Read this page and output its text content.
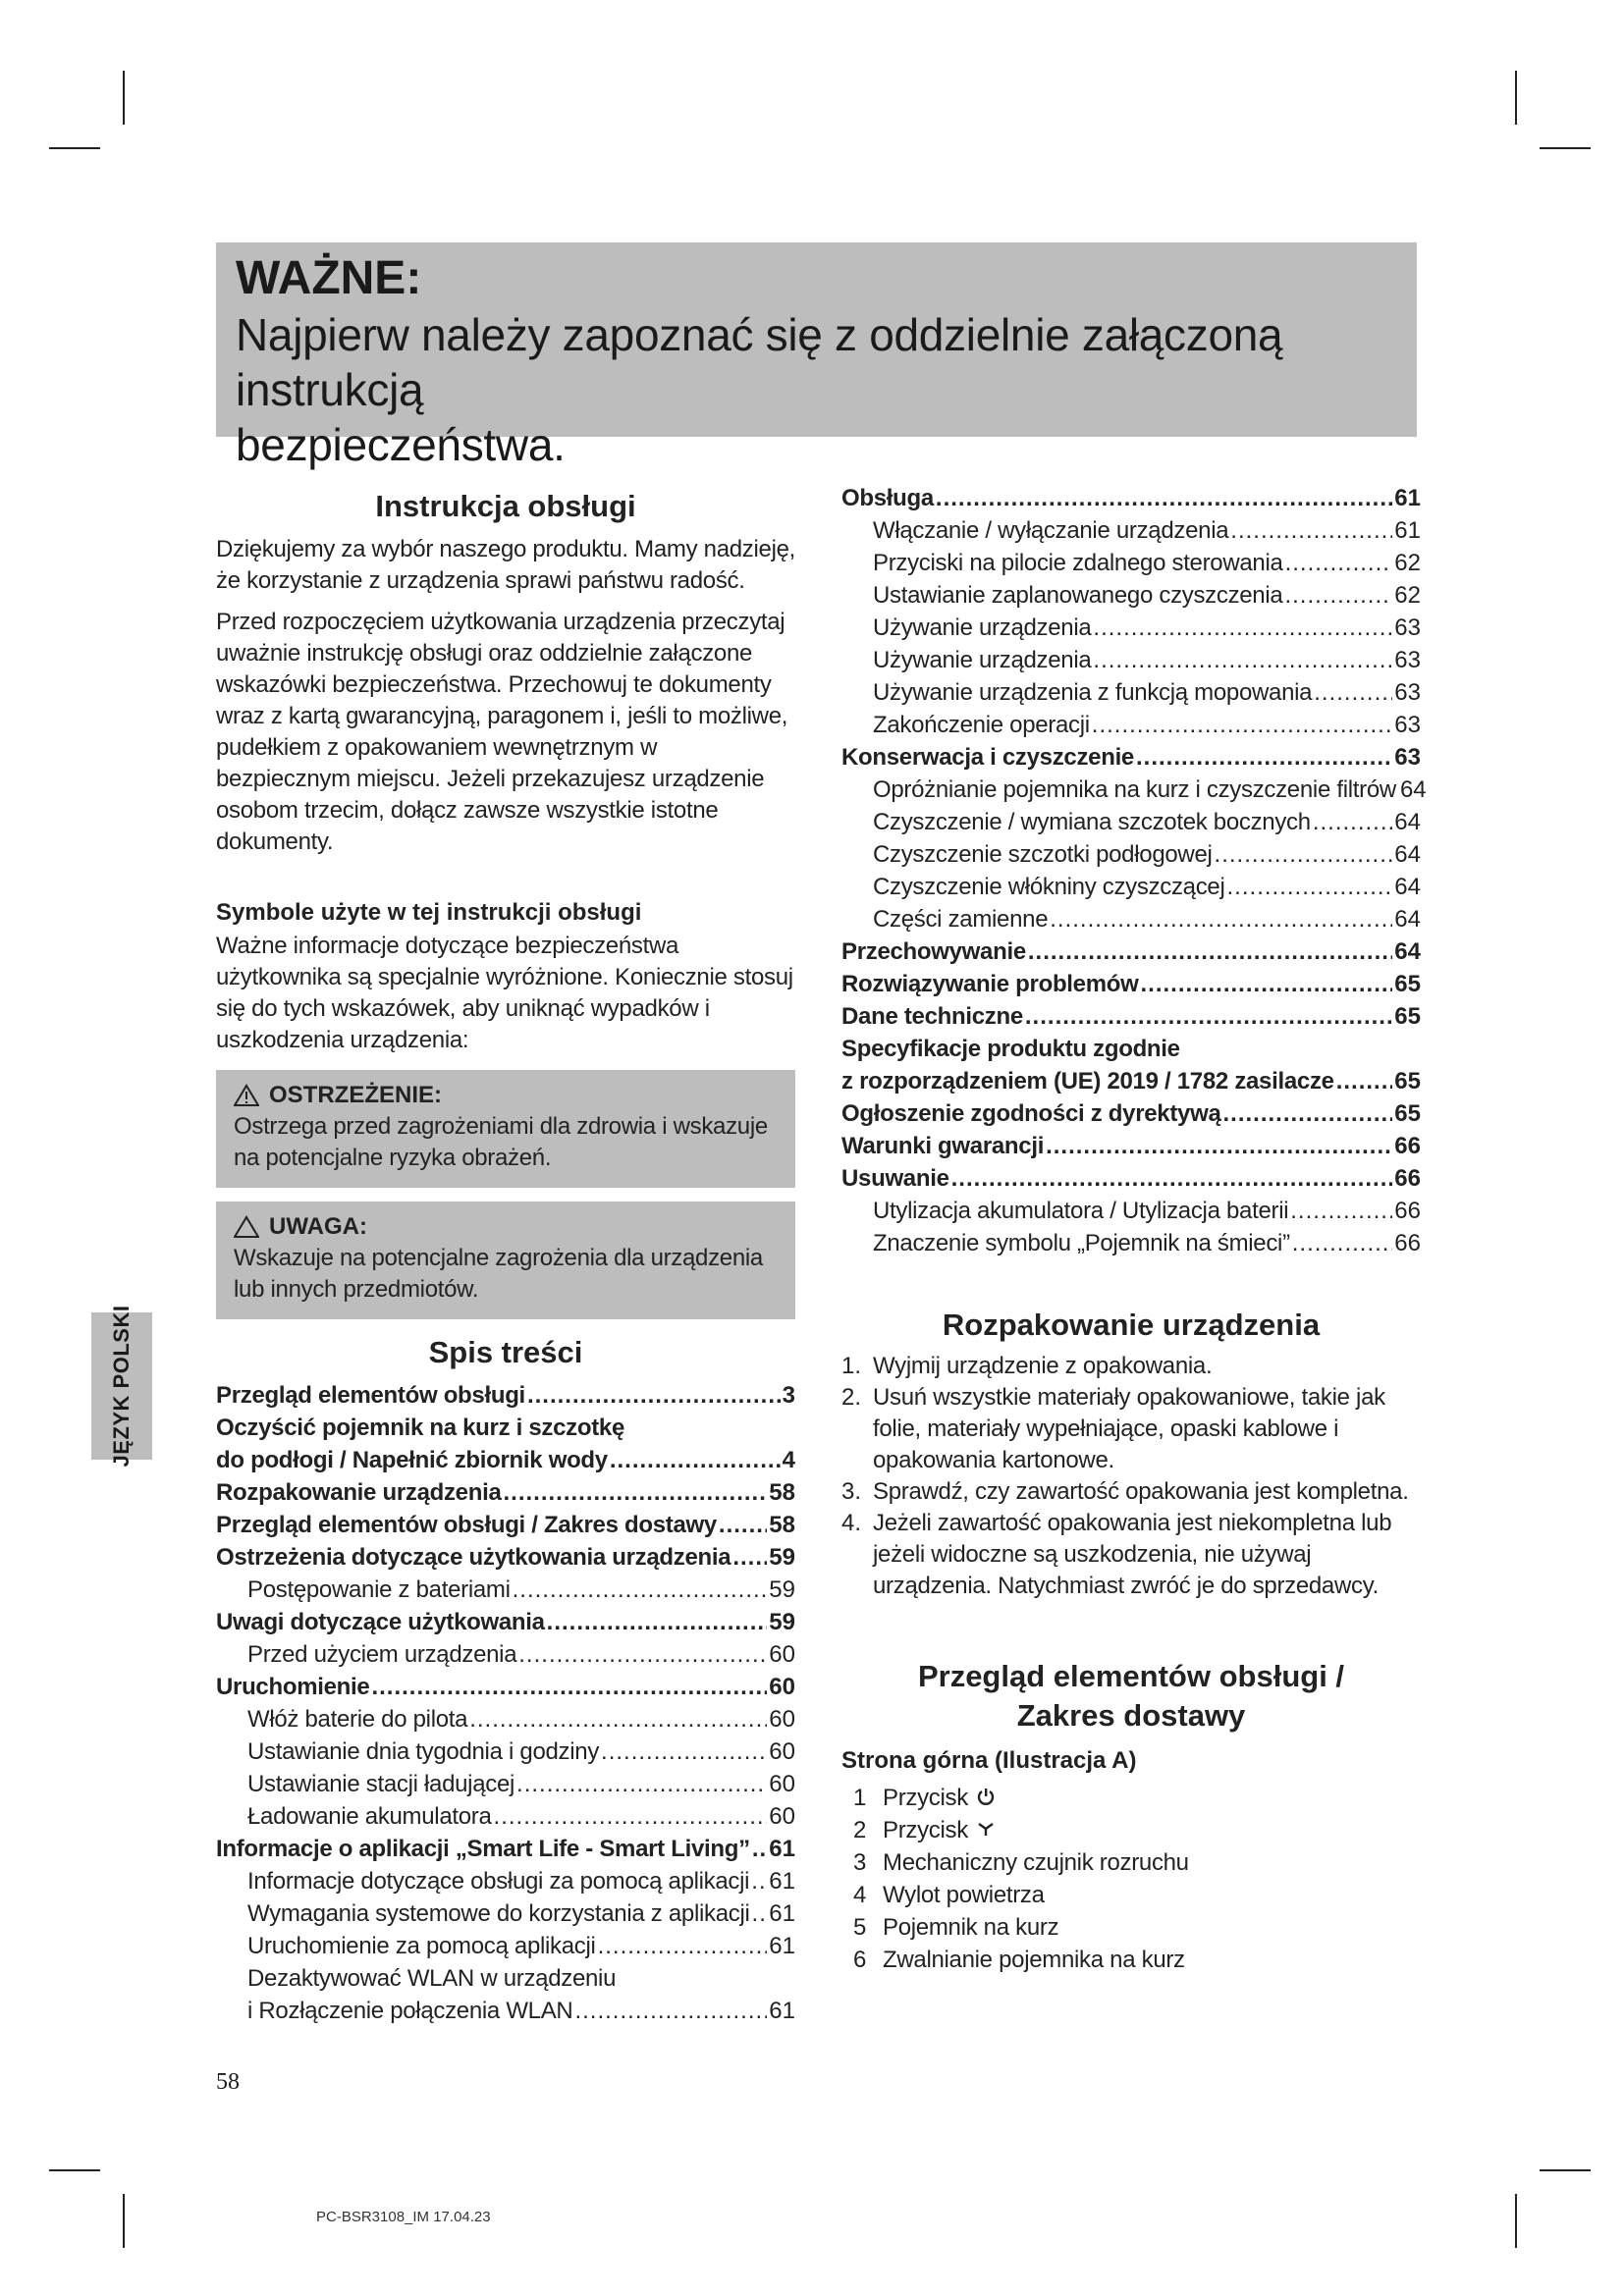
WAŻNE:
Najpierw należy zapoznać się z oddzielnie załączoną instrukcją
bezpieczeństwa.
Instrukcja obsługi

Dziękujemy za wybór naszego produktu. Mamy nadzieję, że korzystanie z urządzenia sprawi państwu radość.

Przed rozpoczęciem użytkowania urządzenia przeczytaj uważnie instrukcję obsługi oraz oddzielnie załączone wskazówki bezpieczeństwa. Przechowuj te dokumenty wraz z kartą gwarancyjną, paragonem i, jeśli to możliwe, pudełkiem z opakowaniem wewnętrznym w bezpiecznym miejscu. Jeżeli przekazujesz urządzenie osobom trzecim, dołącz zawsze wszystkie istotne dokumenty.

Symbole użyte w tej instrukcji obsługi

Ważne informacje dotyczące bezpieczeństwa użytkownika są specjalnie wyróżnione. Koniecznie stosuj się do tych wskazówek, aby uniknąć wypadków i uszkodzenia urządzenia:

OSTRZEŻENIE:
Ostrzega przed zagrożeniami dla zdrowia i wskazuje na potencjalne ryzyka obrażeń.
UWAGA:
Wskazuje na potencjalne zagrożenia dla urządzenia lub innych przedmiotów.
Spis treści
Przegląd elementów obsługi .....	3
Oczyścić pojemnik na kurz i szczotkę
do podłogi / Napełnić zbiornik wody .....	4
Rozpakowanie urządzenia .....	58
Przegląd elementów obsługi / Zakres dostawy ..... 58
Ostrzeżenia dotyczące użytkowania urządzenia ..... 59
Postępowanie z bateriami .....	59
Uwagi dotyczące użytkowania .....	59
Przed użyciem urządzenia .....	60
Uruchomienie .....	60
Włóż baterie do pilota .....	60
Ustawianie dnia tygodnia i godziny .....	60
Ustawianie stacji ładującej .....	60
Ładowanie akumulatora .....	60
Informacje o aplikacji „Smart Life - Smart Living” ..... 61
Informacje dotyczące obsługi za pomocą aplikacji ..... 61
Wymagania systemowe do korzystania z aplikacji ..... 61
Uruchomienie za pomocą aplikacji .....	61
Dezaktywować WLAN w urządzeniu
i Rozłączenie połączenia WLAN .....	61
Obsługa .....	61
Włączanie / wyłączanie urządzenia .....	61
Przyciski na pilocie zdalnego sterowania .....	62
Ustawianie zaplanowanego czyszczenia .....	62
Używanie urządzenia .....	63
Używanie urządzenia .....	63
Używanie urządzenia z funkcją mopowania .....	63
Zakończenie operacji .....	63
Konserwacja i czyszczenie .....	63
Opróżnianie pojemnika na kurz i czyszczenie filtrów 64
Czyszczenie / wymiana szczotek bocznych .....	64
Czyszczenie szczotki podłogowej .....	64
Czyszczenie włókniny czyszczącej .....	64
Części zamienne .....	64
Przechowywanie .....	64
Rozwiązywanie problemów .....	65
Dane techniczne .....	65
Specyfikacje produktu zgodnie
z rozporządzeniem (UE) 2019 / 1782 zasilacze .....	65
Ogłoszenie zgodności z dyrektywą .....	65
Warunki gwarancji .....	66
Usuwanie .....	66
Utylizacja akumulatora / Utylizacja baterii .....	66
Znaczenie symbolu „Pojemnik na śmieci” .....	66
Rozpakowanie urządzenia
1. Wyjmij urządzenie z opakowania.
2. Usuń wszystkie materiały opakowaniowe, takie jak folie, materiały wypełniające, opaski kablowe i opakowania kartonowe.
3. Sprawdź, czy zawartość opakowania jest kompletna.
4. Jeżeli zawartość opakowania jest niekompletna lub jeżeli widoczne są uszkodzenia, nie używaj urządzenia. Natychmiast zwróć je do sprzedawcy.
Przegląd elementów obsługi /
Zakres dostawy
Strona górna (Ilustracja A)
1 Przycisk
2 Przycisk
3 Mechaniczny czujnik rozruchu
4 Wylot powietrza
5 Pojemnik na kurz
6 Zwalnianie pojemnika na kurz
JĘZYK POLSKI
58
PC-BSR3108_IM 17.04.23
